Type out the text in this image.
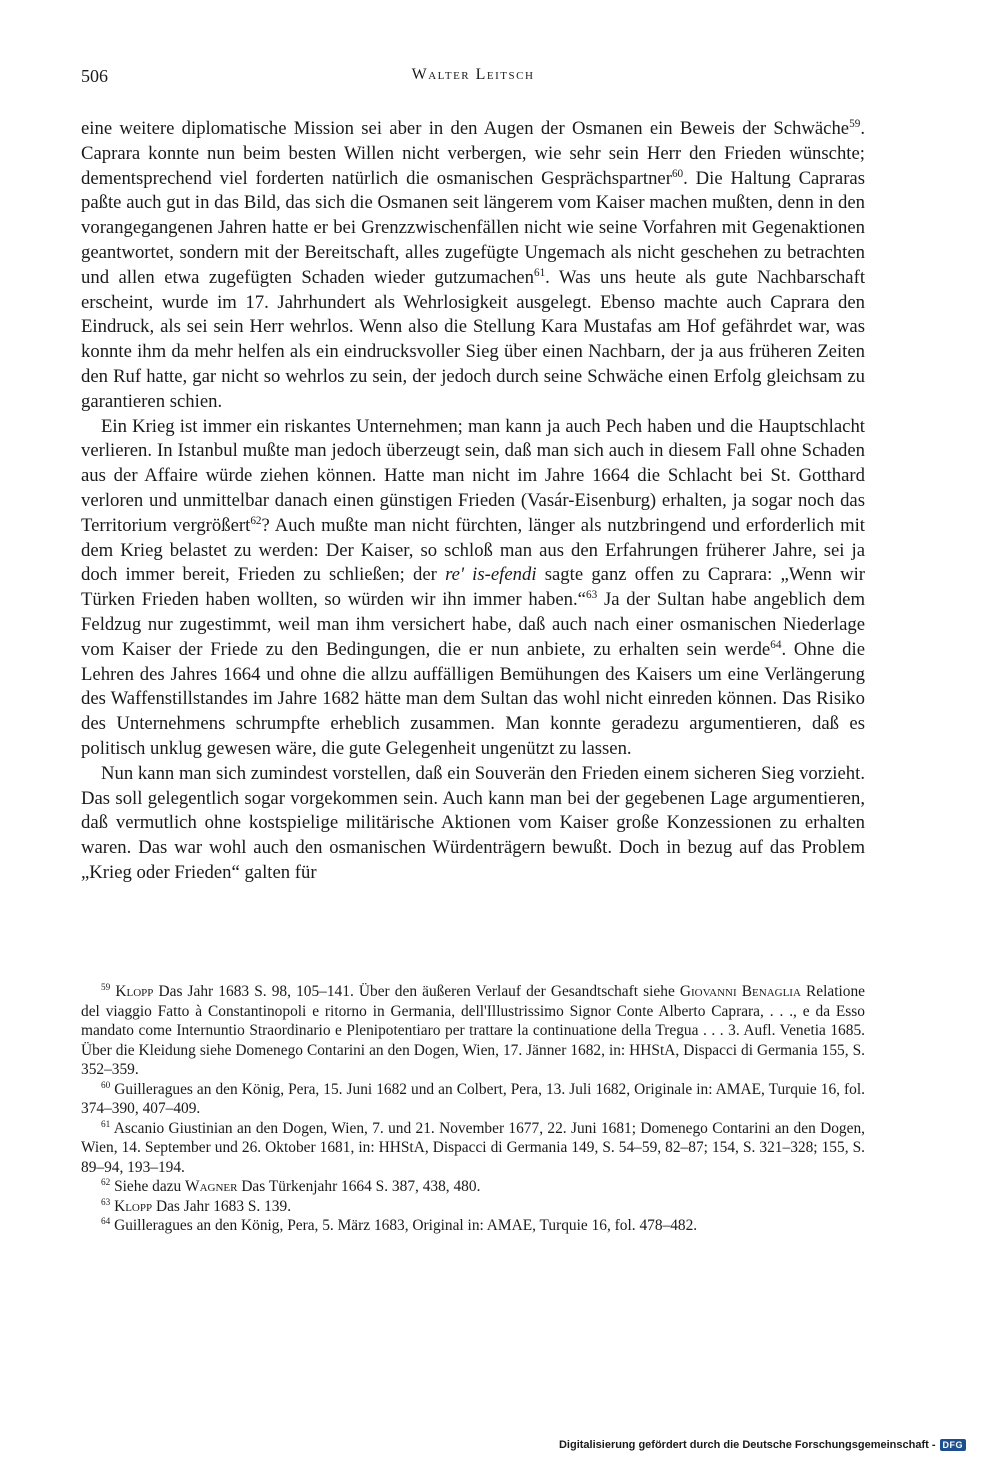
506	Walter Leitsch

eine weitere diplomatische Mission sei aber in den Augen der Osmanen ein Beweis der Schwäche$^{59}$. Caprara konnte nun beim besten Willen nicht verbergen, wie sehr sein Herr den Frieden wünschte; dementsprechend viel forderten natürlich die osmanischen Gesprächspartner$^{60}$. Die Haltung Capraras paßte auch gut in das Bild, das sich die Osmanen seit längerem vom Kaiser machen mußten, denn in den vorangegangenen Jahren hatte er bei Grenzzwischenfällen nicht wie seine Vorfahren mit Gegenaktionen geantwortet, sondern mit der Bereitschaft, alles zugefügte Ungemach als nicht geschehen zu betrachten und allen etwa zugefügten Schaden wieder gutzumachen$^{61}$. Was uns heute als gute Nachbarschaft erscheint, wurde im 17. Jahrhundert als Wehrlosigkeit ausgelegt. Ebenso machte auch Caprara den Eindruck, als sei sein Herr wehrlos. Wenn also die Stellung Kara Mustafas am Hof gefährdet war, was konnte ihm da mehr helfen als ein eindrucksvoller Sieg über einen Nachbarn, der ja aus früheren Zeiten den Ruf hatte, gar nicht so wehrlos zu sein, der jedoch durch seine Schwäche einen Erfolg gleichsam zu garantieren schien.

Ein Krieg ist immer ein riskantes Unternehmen; man kann ja auch Pech haben und die Hauptschlacht verlieren. In Istanbul mußte man jedoch überzeugt sein, daß man sich auch in diesem Fall ohne Schaden aus der Affaire würde ziehen können. Hatte man nicht im Jahre 1664 die Schlacht bei St. Gotthard verloren und unmittelbar danach einen günstigen Frieden (Vasár-Eisenburg) erhalten, ja sogar noch das Territorium vergrößert$^{62}$? Auch mußte man nicht fürchten, länger als nutzbringend und erforderlich mit dem Krieg belastet zu werden: Der Kaiser, so schloß man aus den Erfahrungen früherer Jahre, sei ja doch immer bereit, Frieden zu schließen; der re' is-efendi sagte ganz offen zu Caprara: „Wenn wir Türken Frieden haben wollten, so würden wir ihn immer haben.“$^{63}$ Ja der Sultan habe angeblich dem Feldzug nur zugestimmt, weil man ihm versichert habe, daß auch nach einer osmanischen Niederlage vom Kaiser der Friede zu den Bedingungen, die er nun anbiete, zu erhalten sein werde$^{64}$. Ohne die Lehren des Jahres 1664 und ohne die allzu auffälligen Bemühungen des Kaisers um eine Verlängerung des Waffenstillstandes im Jahre 1682 hätte man dem Sultan das wohl nicht einreden können. Das Risiko des Unternehmens schrumpfte erheblich zusammen. Man konnte geradezu argumentieren, daß es politisch unklug gewesen wäre, die gute Gelegenheit ungenützt zu lassen.

Nun kann man sich zumindest vorstellen, daß ein Souverän den Frieden einem sicheren Sieg vorzieht. Das soll gelegentlich sogar vorgekommen sein. Auch kann man bei der gegebenen Lage argumentieren, daß vermutlich ohne kostspielige militärische Aktionen vom Kaiser große Konzessionen zu erhalten waren. Das war wohl auch den osmanischen Würdenträgern bewußt. Doch in bezug auf das Problem „Krieg oder Frieden“ galten für

$^{59}$ Klopp Das Jahr 1683 S. 98, 105–141. Über den äußeren Verlauf der Gesandtschaft siehe Giovanni Benaglia Relatione del viaggio Fatto à Constantinopoli e ritorno in Germania, dell'Illustrissimo Signor Conte Alberto Caprara, . . ., e da Esso mandato come Internuntio Straordinario e Plenipotentiaro per trattare la continuatione della Tregua . . . 3. Aufl. Venetia 1685. Über die Kleidung siehe Domenego Contarini an den Dogen, Wien, 17. Jänner 1682, in: HHStA, Dispacci di Germania 155, S. 352–359.

$^{60}$ Guilleragues an den König, Pera, 15. Juni 1682 und an Colbert, Pera, 13. Juli 1682, Originale in: AMAE, Turquie 16, fol. 374–390, 407–409.

$^{61}$ Ascanio Giustinian an den Dogen, Wien, 7. und 21. November 1677, 22. Juni 1681; Domenego Contarini an den Dogen, Wien, 14. September und 26. Oktober 1681, in: HHStA, Dispacci di Germania 149, S. 54–59, 82–87; 154, S. 321–328; 155, S. 89–94, 193–194.

$^{62}$ Siehe dazu Wagner Das Türkenjahr 1664 S. 387, 438, 480.

$^{63}$ Klopp Das Jahr 1683 S. 139.

$^{64}$ Guilleragues an den König, Pera, 5. März 1683, Original in: AMAE, Turquie 16, fol. 478–482.

Digitalisierung gefördert durch die Deutsche Forschungsgemeinschaft - DFG
